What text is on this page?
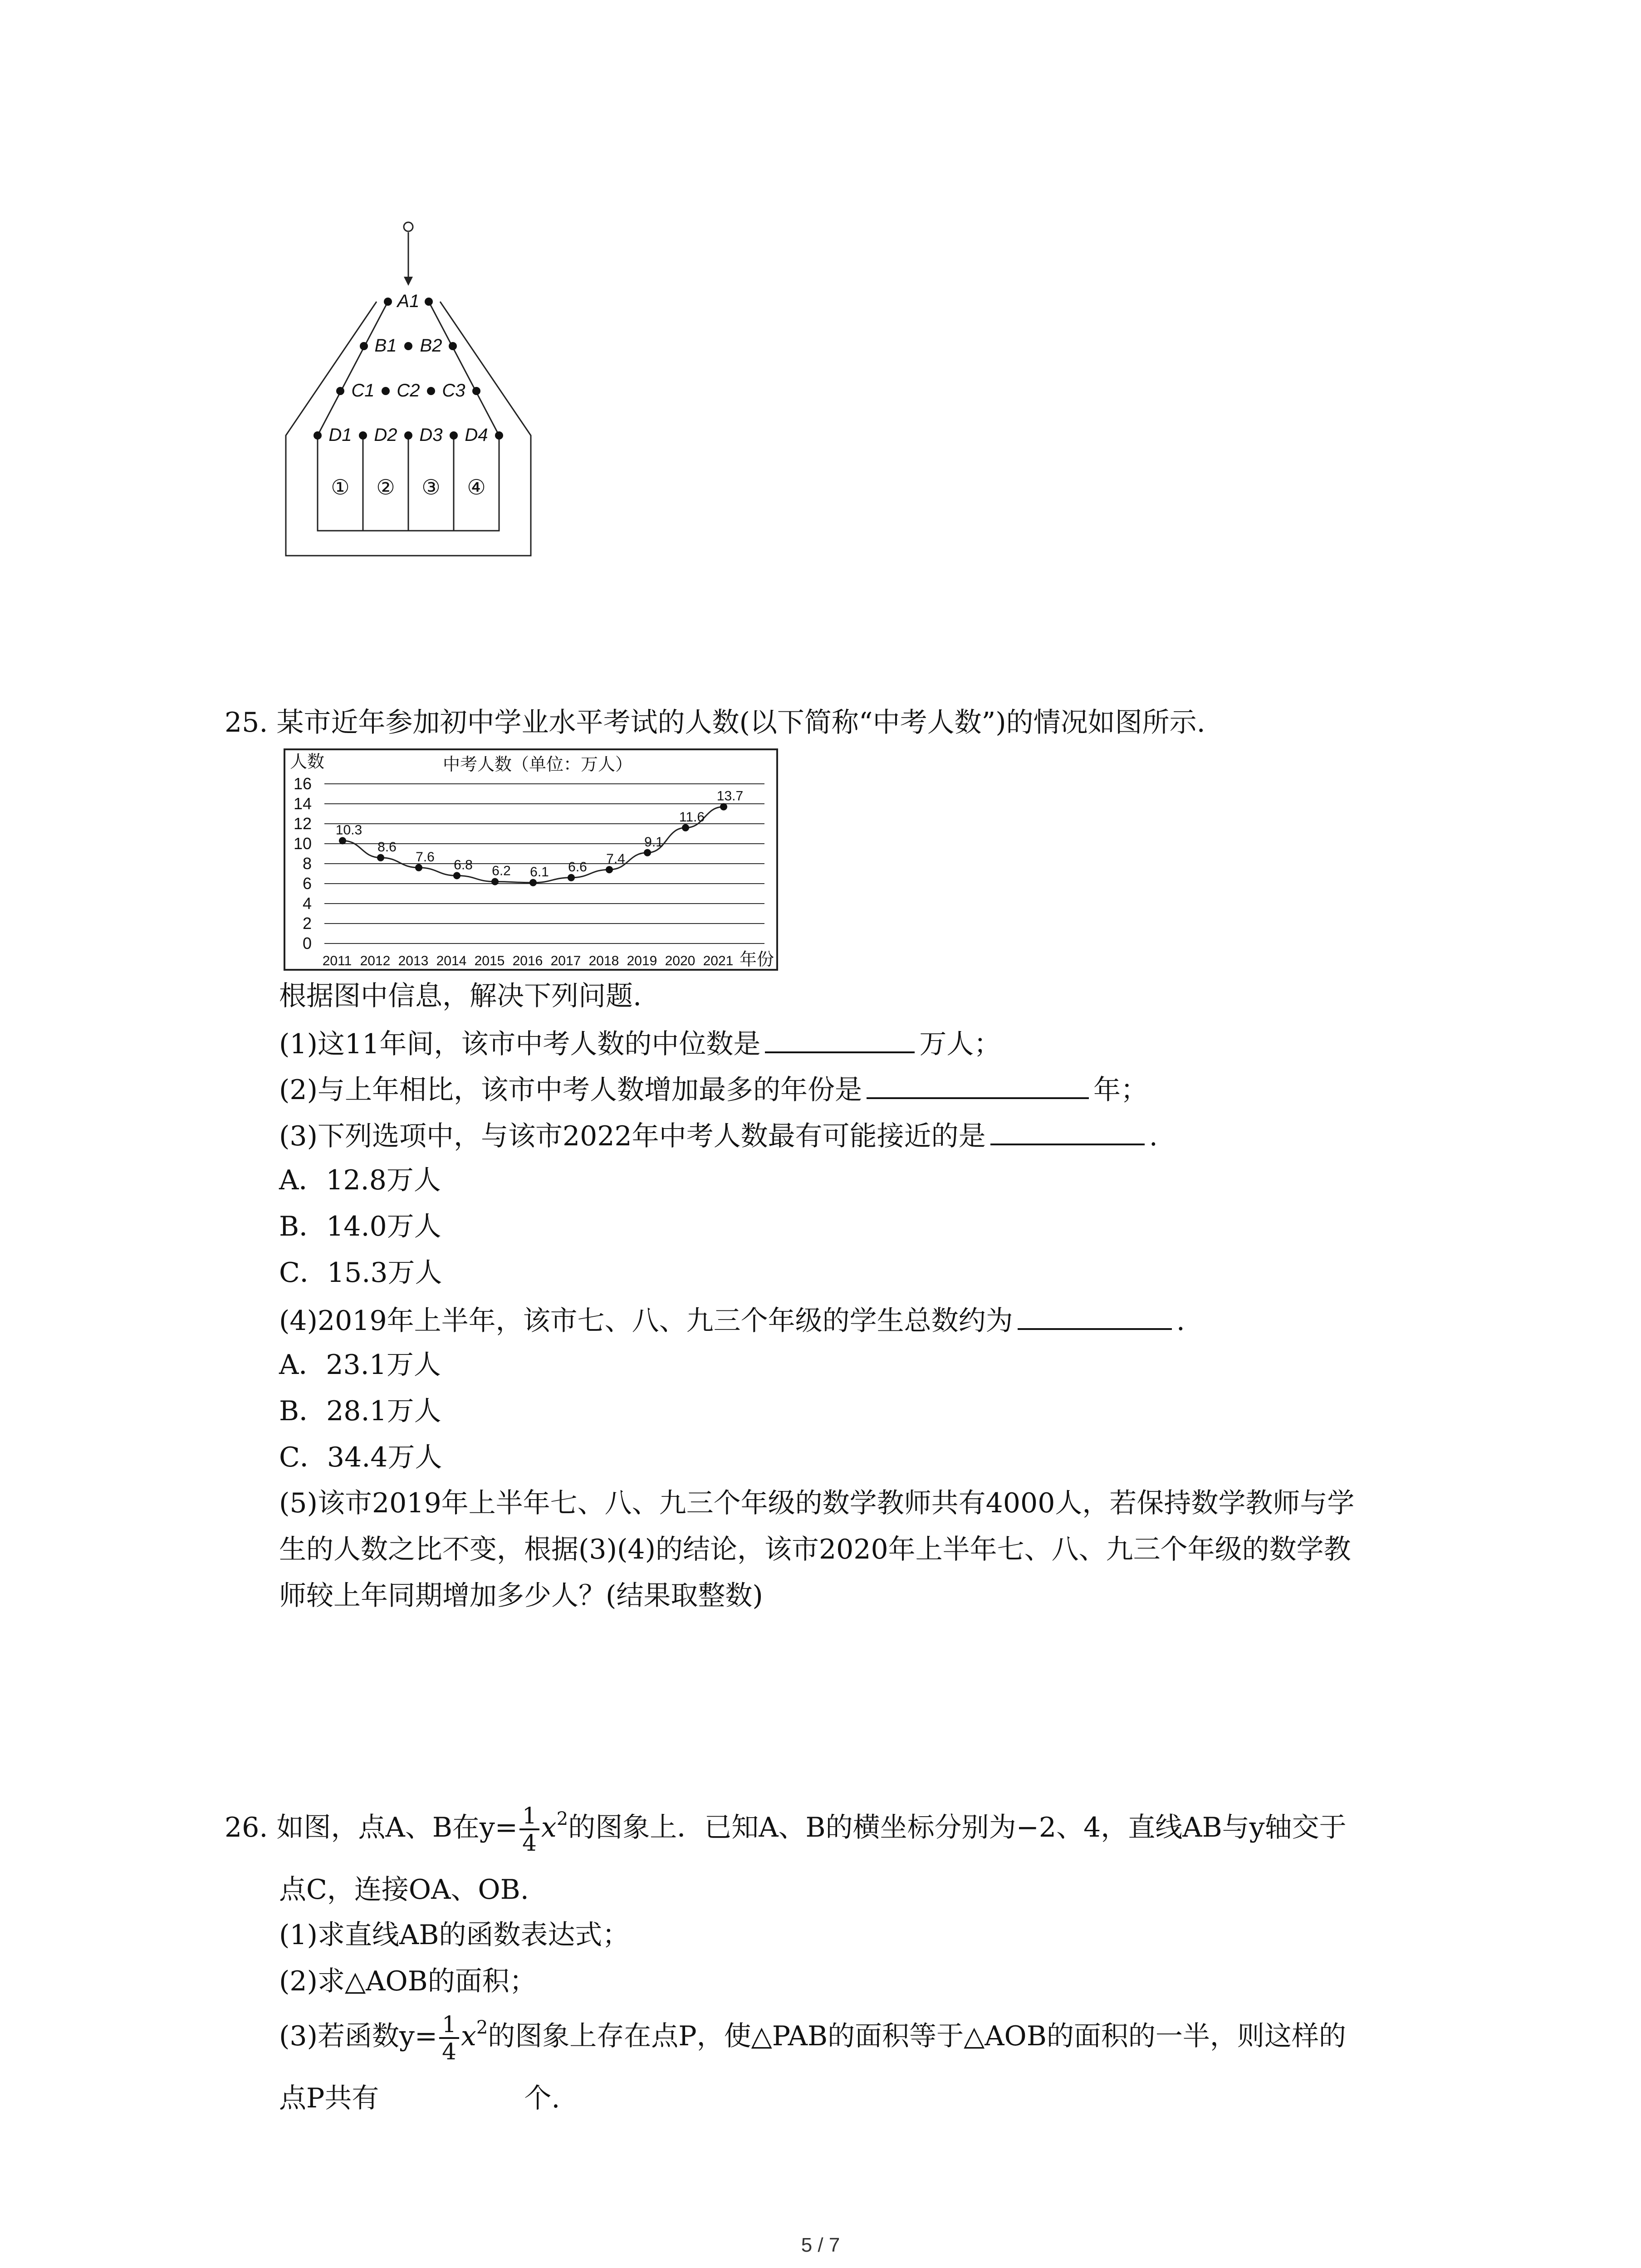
A1
B1 B2
C1 C2 C3
D1 D2 D3 D4
① ② ③ ④
25. 某市近年参加初中学业水平考试的人数(以下简称“中考人数”)的情况如图所示.
0
2
4
6
8
10
12
14
16
2011 2012 2013 2014 2015 2016 2017 2018 2019 2020 2021
10.3
8.6
7.6
6.8 6.2 6.1 6.6
7.4
9.1
11.6
13.7
中考人数（单位：万人）
人数
年份
根据图中信息，解决下列问题.
(1)这11年间，该市中考人数的中位数是	万人；
(2)与上年相比，该市中考人数增加最多的年份是	年；
(3)下列选项中，与该市2022年中考人数最有可能接近的是	.
A．12.8万人
B．14.0万人
C．15.3万人
(4)2019年上半年，该市七、八、九三个年级的学生总数约为	.
A．23.1万人
B．28.1万人
C．34.4万人
(5)该市2019年上半年七、八、九三个年级的数学教师共有4000人，若保持数学教师与学
生的人数之比不变，根据(3)(4)的结论，该市2020年上半年七、八、九三个年级的数学教
师较上年同期增加多少人？(结果取整数)
26. 如图，点A、B在$y= \frac{1}{4} x^2$的图象上．已知A、B的横坐标分别为−2、4，直线AB与y轴交于
点C，连接OA、OB.
(1)求直线AB的函数表达式；
(2)求△AOB的面积；
(3)若函数$y= \frac{1}{4} x^2$的图象上存在点P，使△PAB的面积等于△AOB的面积的一半，则这样的
点P共有	个.
5 / 7
